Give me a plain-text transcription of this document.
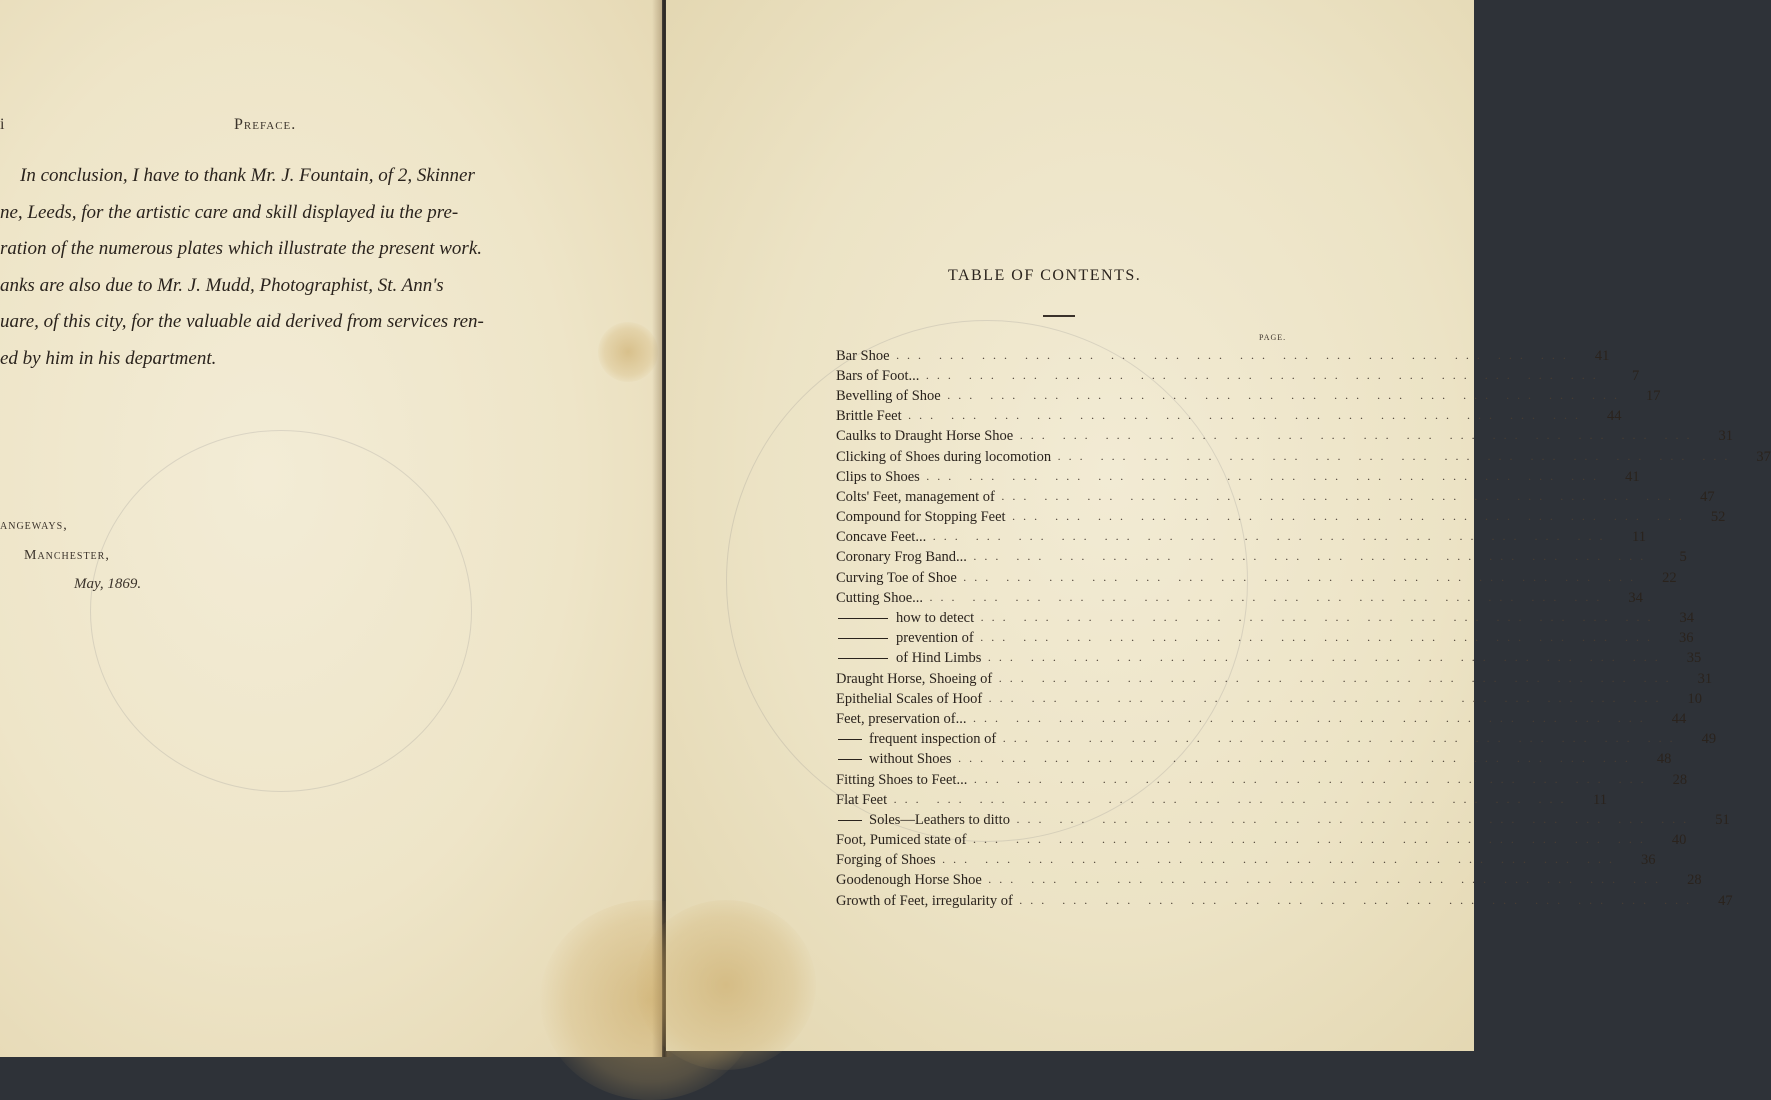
i	Preface.
In conclusion, I have to thank Mr. J. Fountain, of 2, Skinner
ne, Leeds, for the artistic care and skill displayed iu the pre-
ration of the numerous plates which illustrate the present work.
anks are also due to Mr. J. Mudd, Photographist, St. Ann's
uare, of this city, for the valuable aid derived from services ren-
ed by him in his department.
angeways,
Manchester,
May, 1869.
TABLE OF CONTENTS.
PAGE.
Bar Shoe ··· ··· ··· ··· ··· ··· ··· ··· ··· ··· ··· ··· ··· ··· ··· ···	41
Bars of Foot... ··· ··· ··· ··· ··· ··· ··· ··· ··· ··· ··· ··· ··· ··· ··· ···	7
Bevelling of Shoe ··· ··· ··· ··· ··· ··· ··· ··· ··· ··· ··· ··· ··· ··· ··· ···	17
Brittle Feet ··· ··· ··· ··· ··· ··· ··· ··· ··· ··· ··· ··· ··· ··· ··· ···	44
Caulks to Draught Horse Shoe ··· ··· ··· ··· ··· ··· ··· ··· ··· ··· ··· ··· ··· ··· ··· ···	31
Clicking of Shoes during locomotion ··· ··· ··· ··· ··· ··· ··· ··· ··· ··· ··· ··· ··· ··· ··· ···	37
Clips to Shoes ··· ··· ··· ··· ··· ··· ··· ··· ··· ··· ··· ··· ··· ··· ··· ···	41
Colts' Feet, management of ··· ··· ··· ··· ··· ··· ··· ··· ··· ··· ··· ··· ··· ··· ··· ···	47
Compound for Stopping Feet ··· ··· ··· ··· ··· ··· ··· ··· ··· ··· ··· ··· ··· ··· ··· ···	52
Concave Feet... ··· ··· ··· ··· ··· ··· ··· ··· ··· ··· ··· ··· ··· ··· ··· ···	11
Coronary Frog Band... ··· ··· ··· ··· ··· ··· ··· ··· ··· ··· ··· ··· ··· ··· ··· ···	5
Curving Toe of Shoe ··· ··· ··· ··· ··· ··· ··· ··· ··· ··· ··· ··· ··· ··· ··· ···	22
Cutting Shoe... ··· ··· ··· ··· ··· ··· ··· ··· ··· ··· ··· ··· ··· ··· ··· ···	34
how to detect ··· ··· ··· ··· ··· ··· ··· ··· ··· ··· ··· ··· ··· ··· ··· ···	34
prevention of ··· ··· ··· ··· ··· ··· ··· ··· ··· ··· ··· ··· ··· ··· ··· ···	36
of Hind Limbs ··· ··· ··· ··· ··· ··· ··· ··· ··· ··· ··· ··· ··· ··· ··· ···	35
Draught Horse, Shoeing of ··· ··· ··· ··· ··· ··· ··· ··· ··· ··· ··· ··· ··· ··· ··· ···	31
Epithelial Scales of Hoof ··· ··· ··· ··· ··· ··· ··· ··· ··· ··· ··· ··· ··· ··· ··· ···	10
Feet, preservation of... ··· ··· ··· ··· ··· ··· ··· ··· ··· ··· ··· ··· ··· ··· ··· ···	44
frequent inspection of ··· ··· ··· ··· ··· ··· ··· ··· ··· ··· ··· ··· ··· ··· ··· ···	49
without Shoes ··· ··· ··· ··· ··· ··· ··· ··· ··· ··· ··· ··· ··· ··· ··· ···	48
Fitting Shoes to Feet... ··· ··· ··· ··· ··· ··· ··· ··· ··· ··· ··· ··· ··· ··· ··· ···	28
Flat Feet ··· ··· ··· ··· ··· ··· ··· ··· ··· ··· ··· ··· ··· ··· ··· ···	11
Soles—Leathers to ditto ··· ··· ··· ··· ··· ··· ··· ··· ··· ··· ··· ··· ··· ··· ··· ···	51
Foot, Pumiced state of ··· ··· ··· ··· ··· ··· ··· ··· ··· ··· ··· ··· ··· ··· ··· ···	40
Forging of Shoes ··· ··· ··· ··· ··· ··· ··· ··· ··· ··· ··· ··· ··· ··· ··· ···	36
Goodenough Horse Shoe ··· ··· ··· ··· ··· ··· ··· ··· ··· ··· ··· ··· ··· ··· ··· ···	28
Growth of Feet, irregularity of ··· ··· ··· ··· ··· ··· ··· ··· ··· ··· ··· ··· ··· ··· ··· ···	47
